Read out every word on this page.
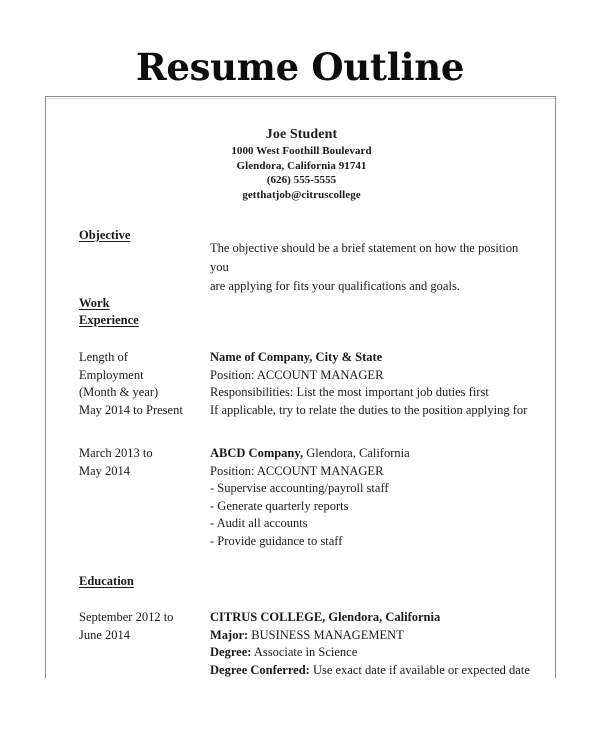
Resume Outline
Joe Student
1000 West Foothill Boulevard
Glendora, California 91741
(626) 555-5555
getthatjob@citruscollege
Objective
The objective should be a brief statement on how the position you
are applying for fits your qualifications and goals.
Work
Experience
Length of
Employment
(Month & year)
May 2014 to Present
Name of Company, City & State
Position: ACCOUNT MANAGER
Responsibilities: List the most important job duties first
If applicable, try to relate the duties to the position applying for
March 2013 to
May 2014
ABCD Company, Glendora, California
Position: ACCOUNT MANAGER
- Supervise accounting/payroll staff
- Generate quarterly reports
- Audit all accounts
- Provide guidance to staff
Education
September 2012 to
June 2014
CITRUS COLLEGE, Glendora, California
Major: BUSINESS MANAGEMENT
Degree: Associate in Science
Degree Conferred: Use exact date if available or expected date
